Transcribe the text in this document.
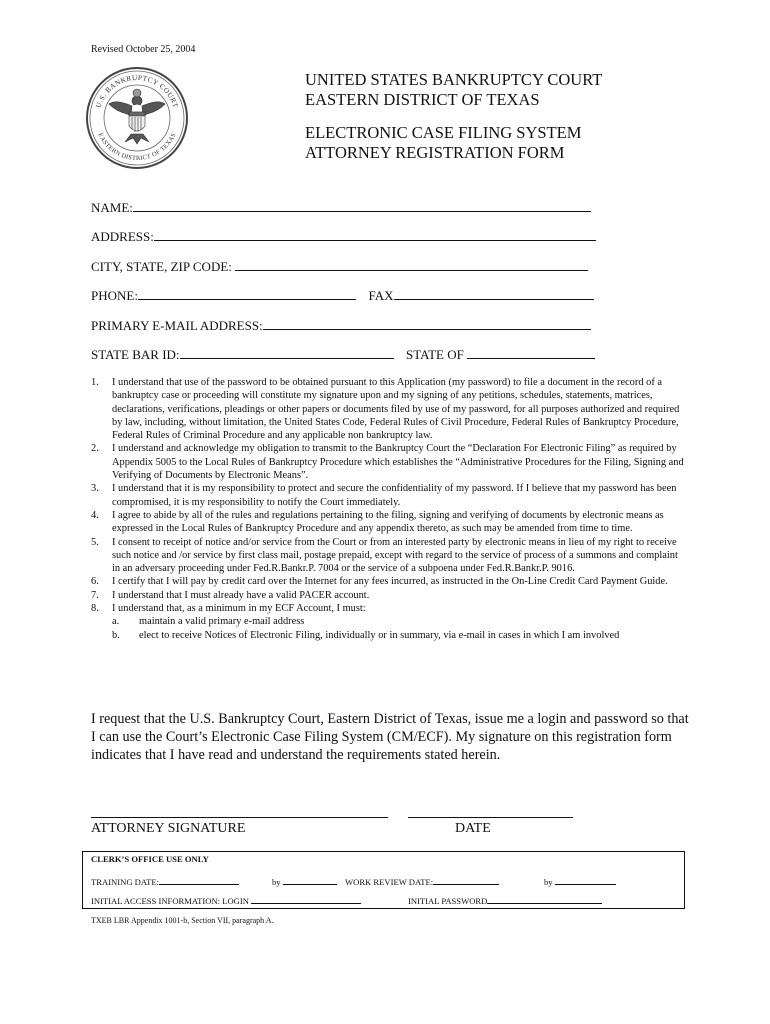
Revised October 25, 2004
U.S. BANKRUPTCY COURT
EASTERN DISTRICT OF TEXAS
UNITED STATES BANKRUPTCY COURT
EASTERN DISTRICT OF TEXAS
ELECTRONIC CASE FILING SYSTEM
ATTORNEY REGISTRATION FORM
NAME:
ADDRESS:
CITY, STATE, ZIP CODE:
PHONE:	FAX
PRIMARY E-MAIL ADDRESS:
STATE BAR ID:	STATE OF
1.	I understand that use of the password to be obtained pursuant to this Application (my password) to file a document in the record of a bankruptcy case or proceeding will constitute my signature upon and my signing of any petitions, schedules, statements, matrices, declarations, verifications, pleadings or other papers or documents filed by use of my password, for all purposes authorized and required by law, including, without limitation, the United States Code, Federal Rules of Civil Procedure, Federal Rules of Bankruptcy Procedure, Federal Rules of Criminal Procedure and any applicable non bankruptcy law.
2.	I understand and acknowledge my obligation to transmit to the Bankruptcy Court the “Declaration For Electronic Filing” as required by Appendix 5005 to the Local Rules of Bankruptcy Procedure which establishes the “Administrative Procedures for the Filing, Signing and Verifying of Documents by Electronic Means”.
3.	I understand that it is my responsibility to protect and secure the confidentiality of my password. If I believe that my password has been compromised, it is my responsibility to notify the Court immediately.
4.	I agree to abide by all of the rules and regulations pertaining to the filing, signing and verifying of documents by electronic means as expressed in the Local Rules of Bankruptcy Procedure and any appendix thereto, as such may be amended from time to time.
5.	I consent to receipt of notice and/or service from the Court or from an interested party by electronic means in lieu of my right to receive such notice and /or service by first class mail, postage prepaid, except with regard to the service of process of a summons and complaint in an adversary proceeding under Fed.R.Bankr.P. 7004 or the service of a subpoena under Fed.R.Bankr.P. 9016.
6.	I certify that I will pay by credit card over the Internet for any fees incurred, as instructed in the On-Line Credit Card Payment Guide.
7.	I understand that I must already have a valid PACER account.
8.	I understand that, as a minimum in my ECF Account, I must:
a.	maintain a valid primary e-mail address
b.	elect to receive Notices of Electronic Filing, individually or in summary, via e-mail in cases in which I am involved
I request that the U.S. Bankruptcy Court, Eastern District of Texas, issue me a login and password so that I can use the Court’s Electronic Case Filing System (CM/ECF). My signature on this registration form indicates that I have read and understand the requirements stated herein.
ATTORNEY SIGNATURE	DATE
CLERK’S OFFICE USE ONLY
TRAINING DATE:	by	WORK REVIEW DATE:	by
INITIAL ACCESS INFORMATION: LOGIN	INITIAL PASSWORD
TXEB LBR Appendix 1001-b, Section VII, paragraph A.
